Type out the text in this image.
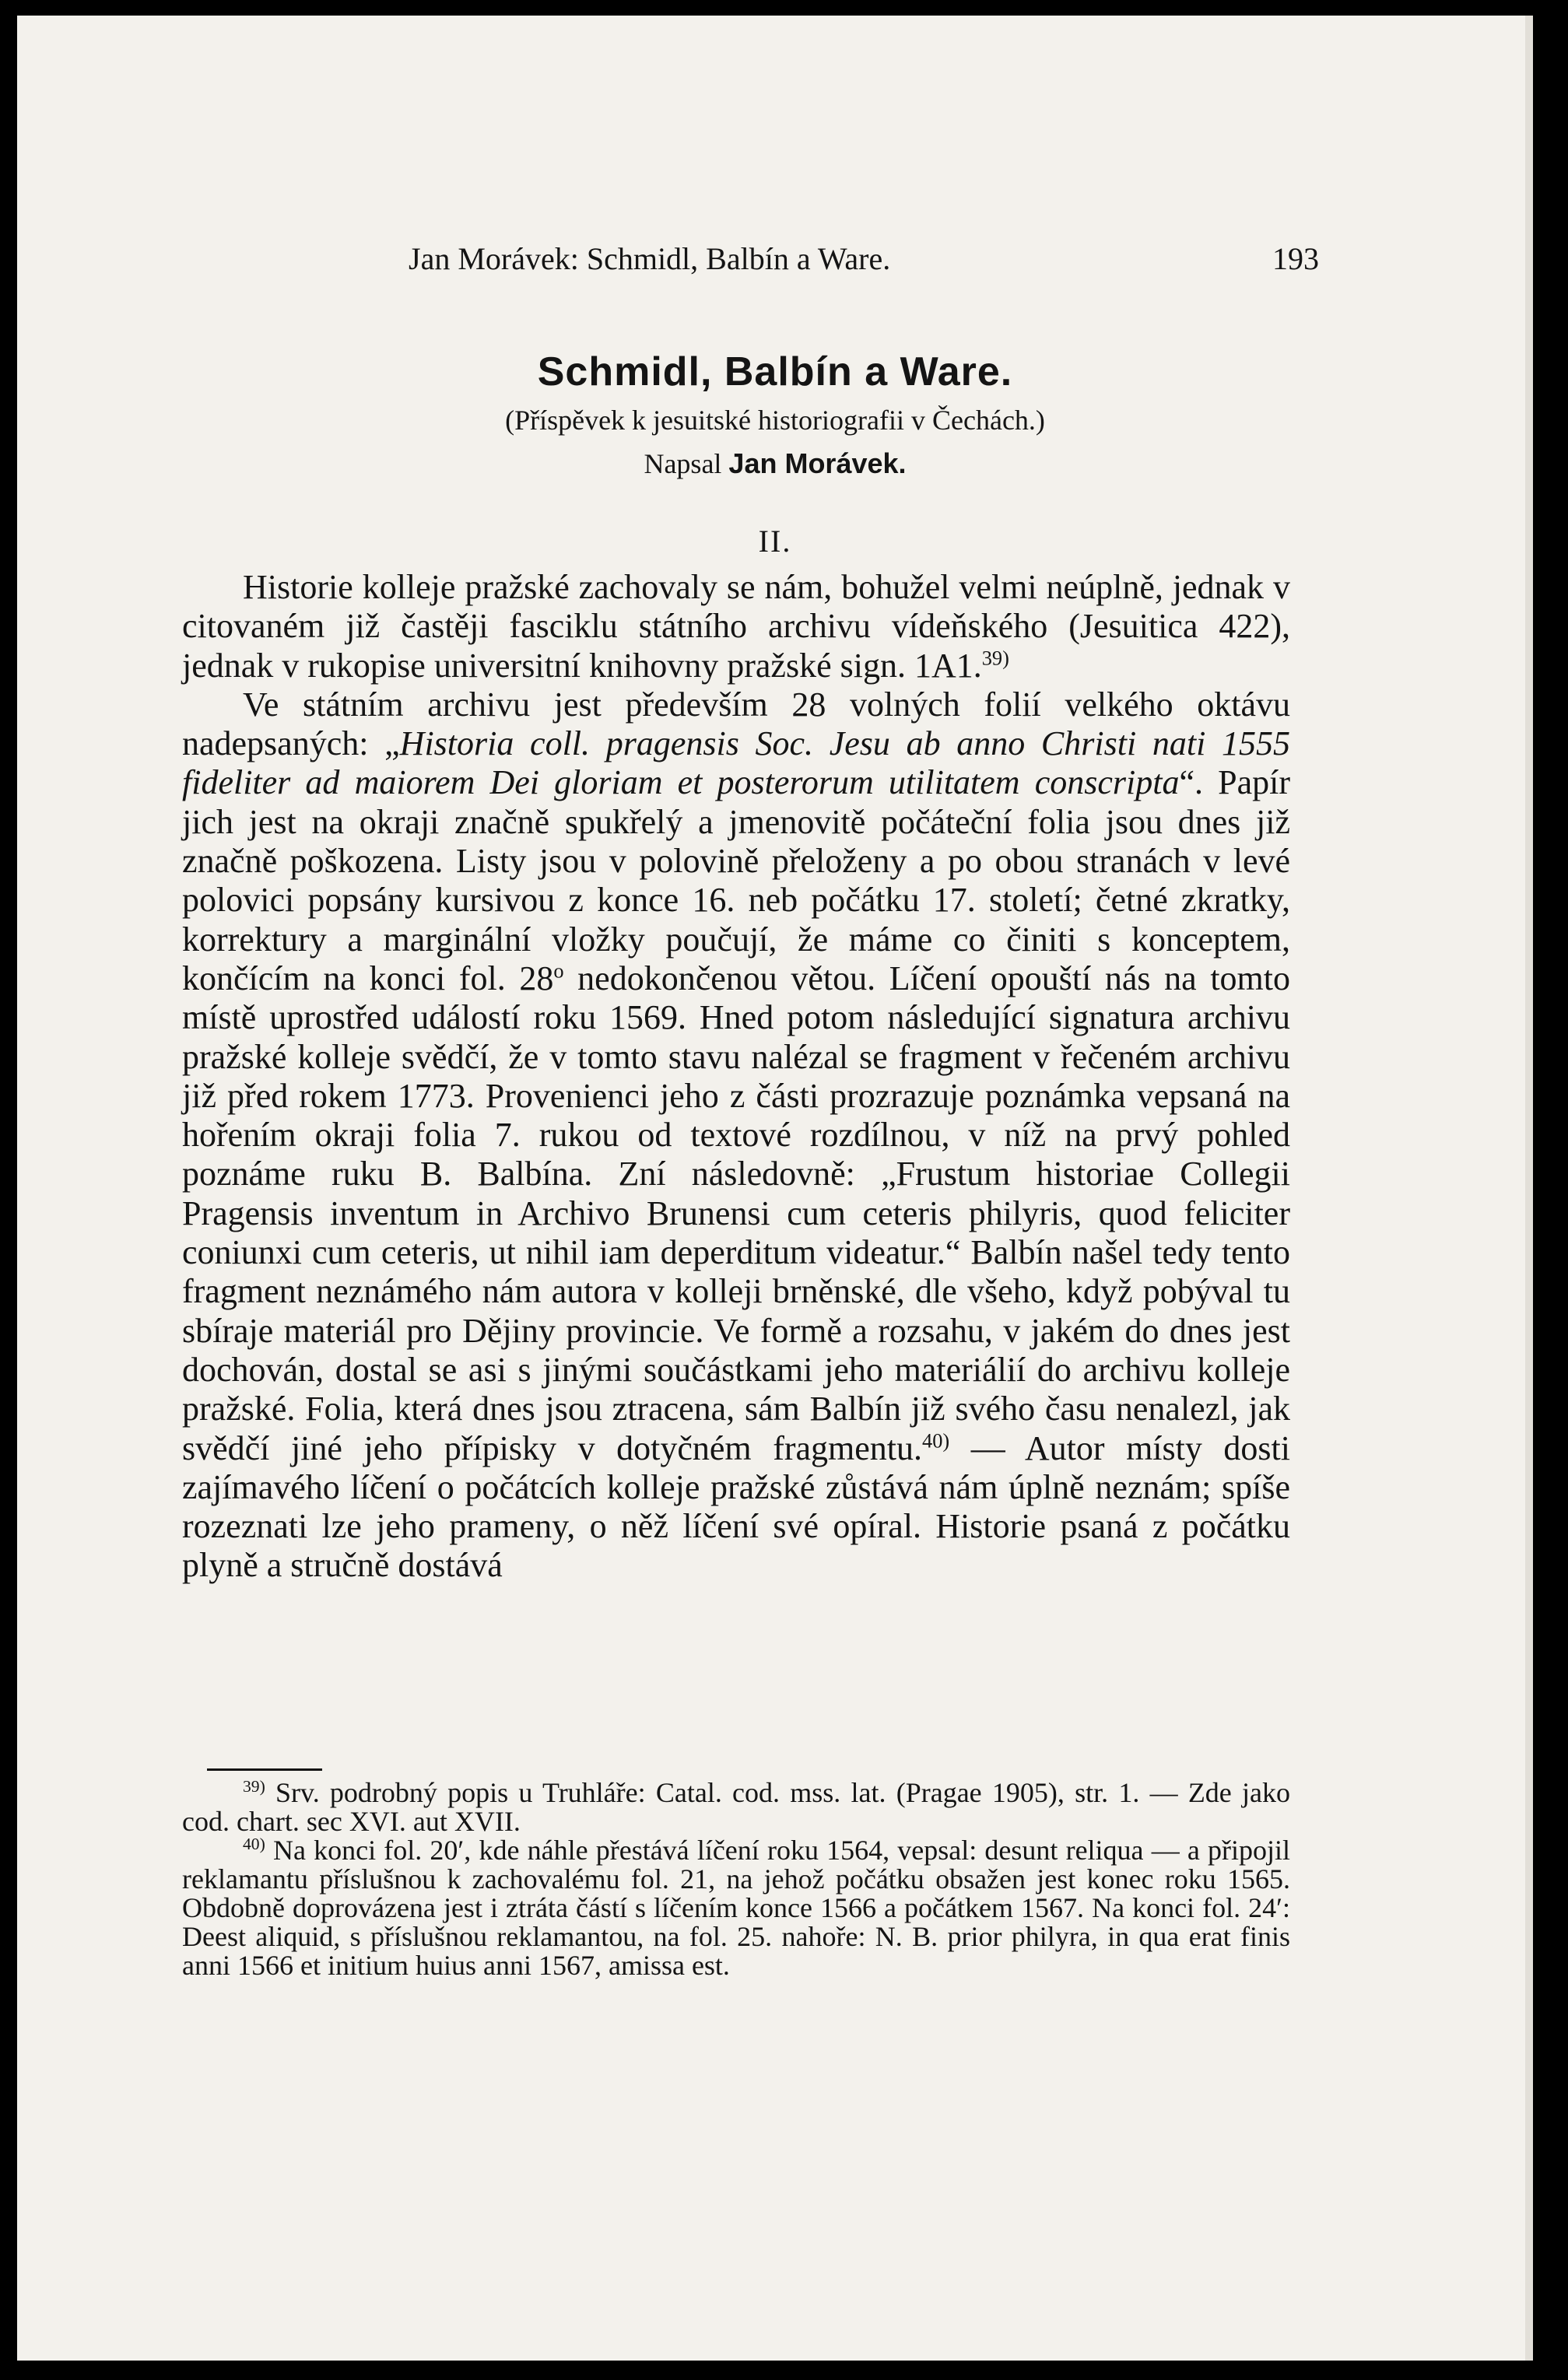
Jan Morávek: Schmidl, Balbín a Ware.	193
Schmidl, Balbín a Ware.
(Příspěvek k jesuitské historiografii v Čechách.)
Napsal Jan Morávek.
II.

Historie kolleje pražské zachovaly se nám, bohužel velmi neúplně, jednak v citovaném již častěji fasciklu státního archivu vídeňského (Jesuitica 422), jednak v rukopise universitní knihovny pražské sign. 1A1.$^{39)}$

Ve státním archivu jest především 28 volných folií velkého oktávu nadepsaných: „Historia coll. pragensis Soc. Jesu ab anno Christi nati 1555 fideliter ad maiorem Dei gloriam et posterorum utilitatem conscripta“. Papír jich jest na okraji značně spukřelý a jmenovitě počáteční folia jsou dnes již značně poškozena. Listy jsou v polovině přeloženy a po obou stranách v levé polovici popsány kursivou z konce 16. neb počátku 17. století; četné zkratky, korrektury a marginální vložky poučují, že máme co činiti s konceptem, končícím na konci fol. 28$^o$ nedokončenou větou. Líčení opouští nás na tomto místě uprostřed událostí roku 1569. Hned potom následující signatura archivu pražské kolleje svědčí, že v tomto stavu nalézal se fragment v řečeném archivu již před rokem 1773. Provenienci jeho z části prozrazuje poznámka vepsaná na hořením okraji folia 7. rukou od textové rozdílnou, v níž na prvý pohled poznáme ruku B. Balbína. Zní následovně: „Frustum historiae Collegii Pragensis inventum in Archivo Brunensi cum ceteris philyris, quod feliciter coniunxi cum ceteris, ut nihil iam deperditum videatur.“ Balbín našel tedy tento fragment neznámého nám autora v kolleji brněnské, dle všeho, když pobýval tu sbíraje materiál pro Dějiny provincie. Ve formě a rozsahu, v jakém do dnes jest dochován, dostal se asi s jinými součástkami jeho materiálií do archivu kolleje pražské. Folia, která dnes jsou ztracena, sám Balbín již svého času nenalezl, jak svědčí jiné jeho přípisky v dotyčném fragmentu.$^{40)}$ — Autor místy dosti zajímavého líčení o počátcích kolleje pražské zůstává nám úplně neznám; spíše rozeznati lze jeho prameny, o něž líčení své opíral. Historie psaná z počátku plyně a stručně dostává

$^{39)}$ Srv. podrobný popis u Truhláře: Catal. cod. mss. lat. (Pragae 1905), str. 1. — Zde jako cod. chart. sec XVI. aut XVII.

$^{40)}$ Na konci fol. 20′, kde náhle přestává líčení roku 1564, vepsal: desunt reliqua — a připojil reklamantu příslušnou k zachovalému fol. 21, na jehož počátku obsažen jest konec roku 1565. Obdobně doprovázena jest i ztráta částí s líčením konce 1566 a počátkem 1567. Na konci fol. 24′: Deest aliquid, s příslušnou reklamantou, na fol. 25. nahoře: N. B. prior philyra, in qua erat finis anni 1566 et initium huius anni 1567, amissa est.
